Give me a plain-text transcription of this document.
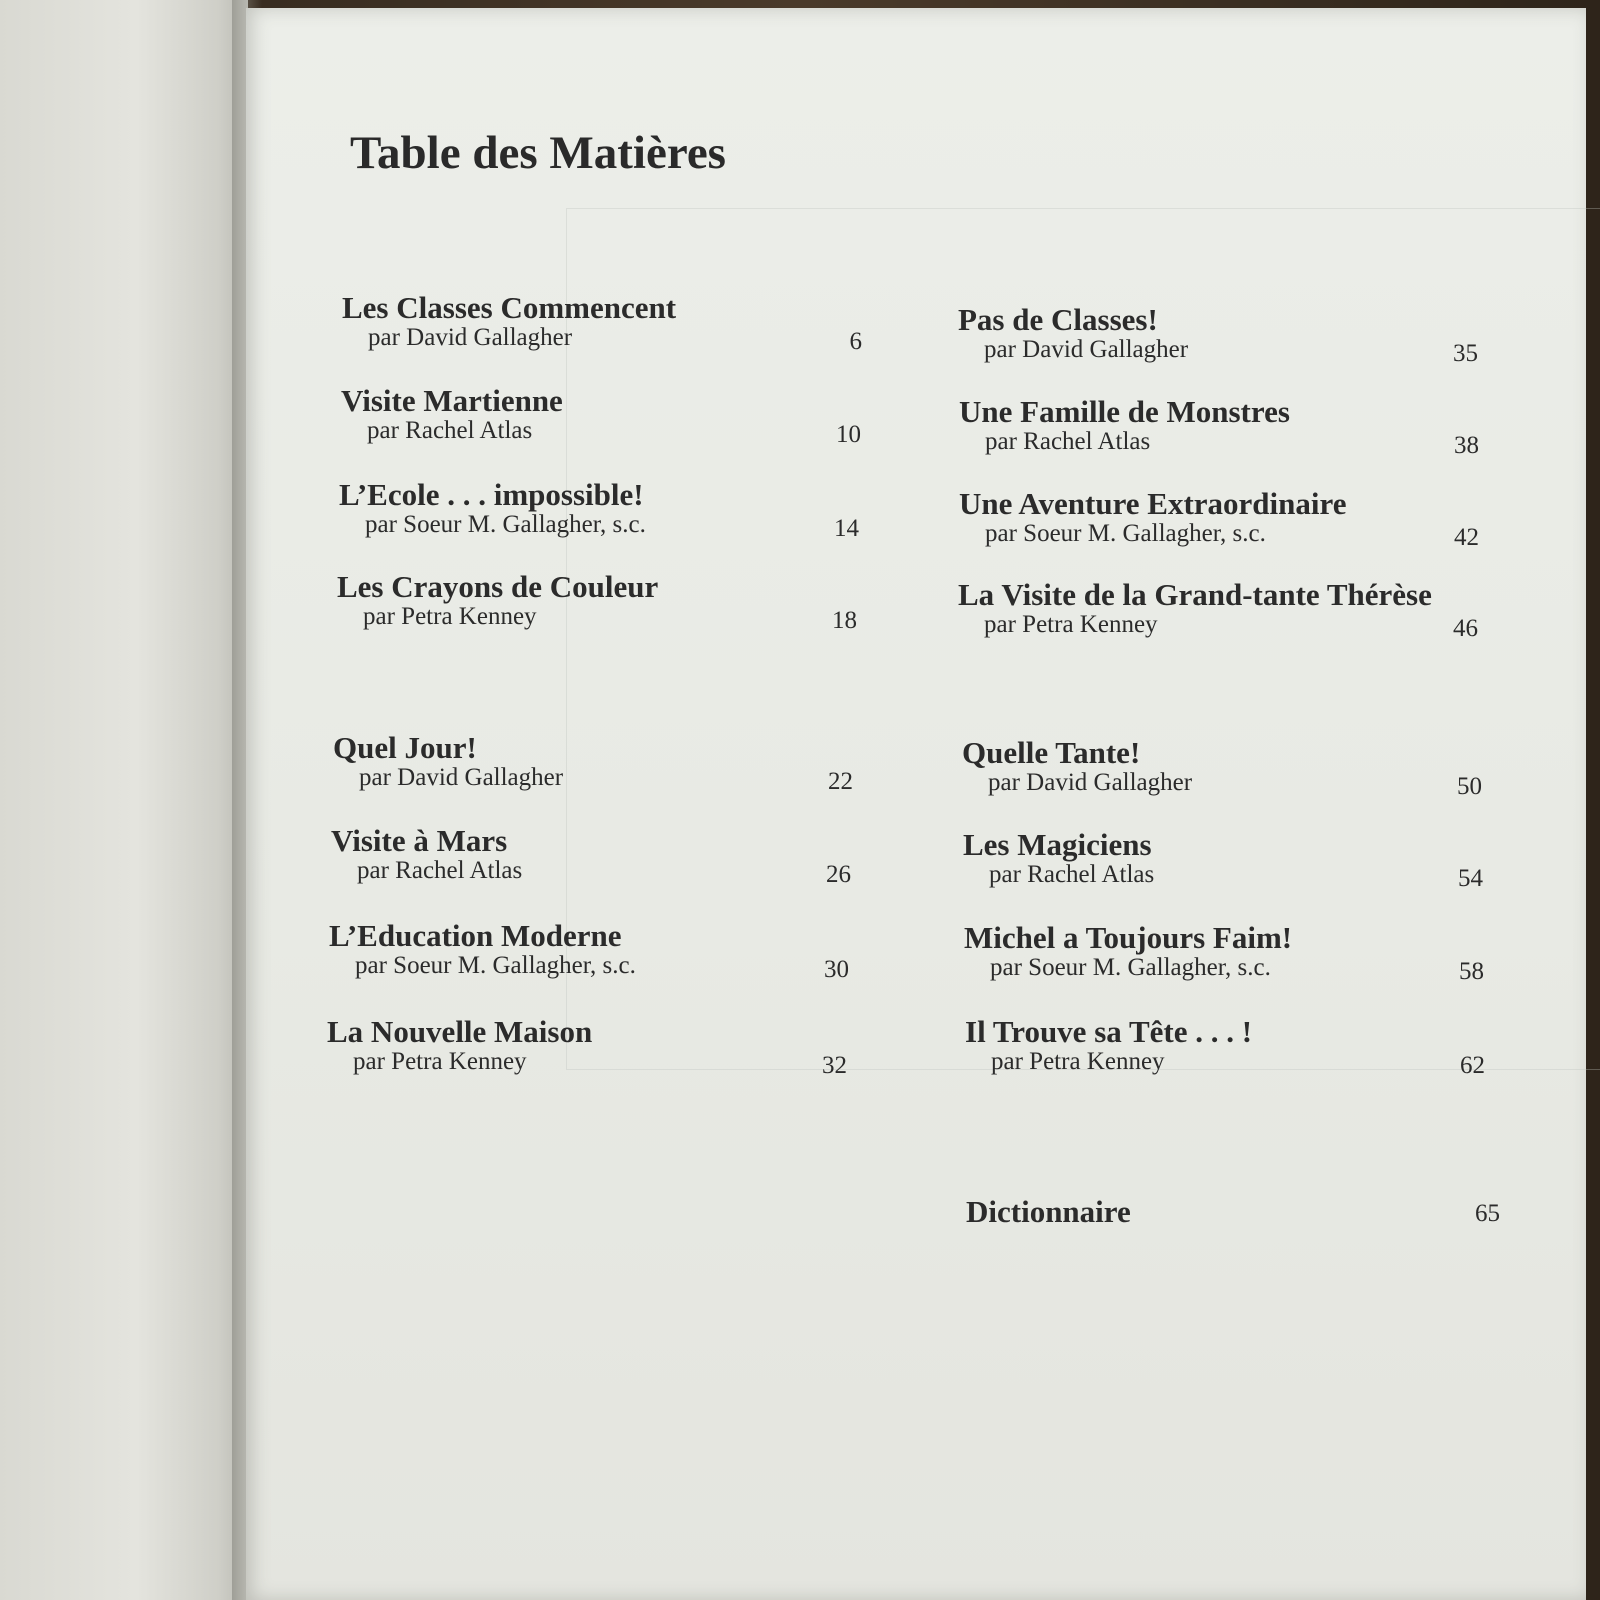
Table des Matières
Les Classes Commencent
par David Gallagher	6
Visite Martienne
par Rachel Atlas	10
L’Ecole . . . impossible!
par Soeur M. Gallagher, s.c.	14
Les Crayons de Couleur
par Petra Kenney	18
Quel Jour!
par David Gallagher	22
Visite à Mars
par Rachel Atlas	26
L’Education Moderne
par Soeur M. Gallagher, s.c.	30
La Nouvelle Maison
par Petra Kenney	32
Pas de Classes!
par David Gallagher	35
Une Famille de Monstres
par Rachel Atlas	38
Une Aventure Extraordinaire
par Soeur M. Gallagher, s.c.	42
La Visite de la Grand-tante Thérèse
par Petra Kenney	46
Quelle Tante!
par David Gallagher	50
Les Magiciens
par Rachel Atlas	54
Michel a Toujours Faim!
par Soeur M. Gallagher, s.c.	58
Il Trouve sa Tête . . . !
par Petra Kenney	62
Dictionnaire	65
